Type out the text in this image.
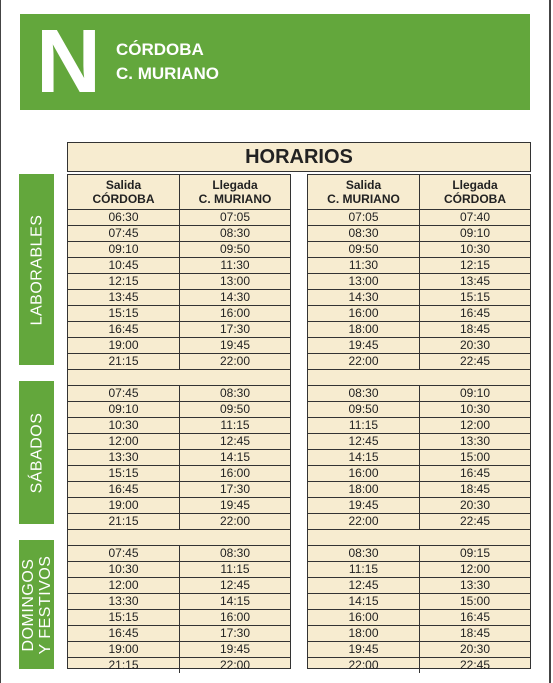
N CÓRDOBA
C. MURIANO
HORARIOS
LABORABLES
SÁBADOS
DOMINGOS Y FESTIVOS
Salida
CÓRDOBA
Llegada
C. MURIANO
06:30	07:05
07:45	08:30
09:10	09:50
10:45	11:30
12:15	13:00
13:45	14:30
15:15	16:00
16:45	17:30
19:00	19:45
21:15	22:00
07:45	08:30
09:10	09:50
10:30	11:15
12:00	12:45
13:30	14:15
15:15	16:00
16:45	17:30
19:00	19:45
21:15	22:00
07:45	08:30
10:30	11:15
12:00	12:45
13:30	14:15
15:15	16:00
16:45	17:30
19:00	19:45
21:15	22:00
Salida
C. MURIANO
Llegada
CÓRDOBA
07:05	07:40
08:30	09:10
09:50	10:30
11:30	12:15
13:00	13:45
14:30	15:15
16:00	16:45
18:00	18:45
19:45	20:30
22:00	22:45
08:30	09:10
09:50	10:30
11:15	12:00
12:45	13:30
14:15	15:00
16:00	16:45
18:00	18:45
19:45	20:30
22:00	22:45
08:30	09:15
11:15	12:00
12:45	13:30
14:15	15:00
16:00	16:45
18:00	18:45
19:45	20:30
22:00	22:45
